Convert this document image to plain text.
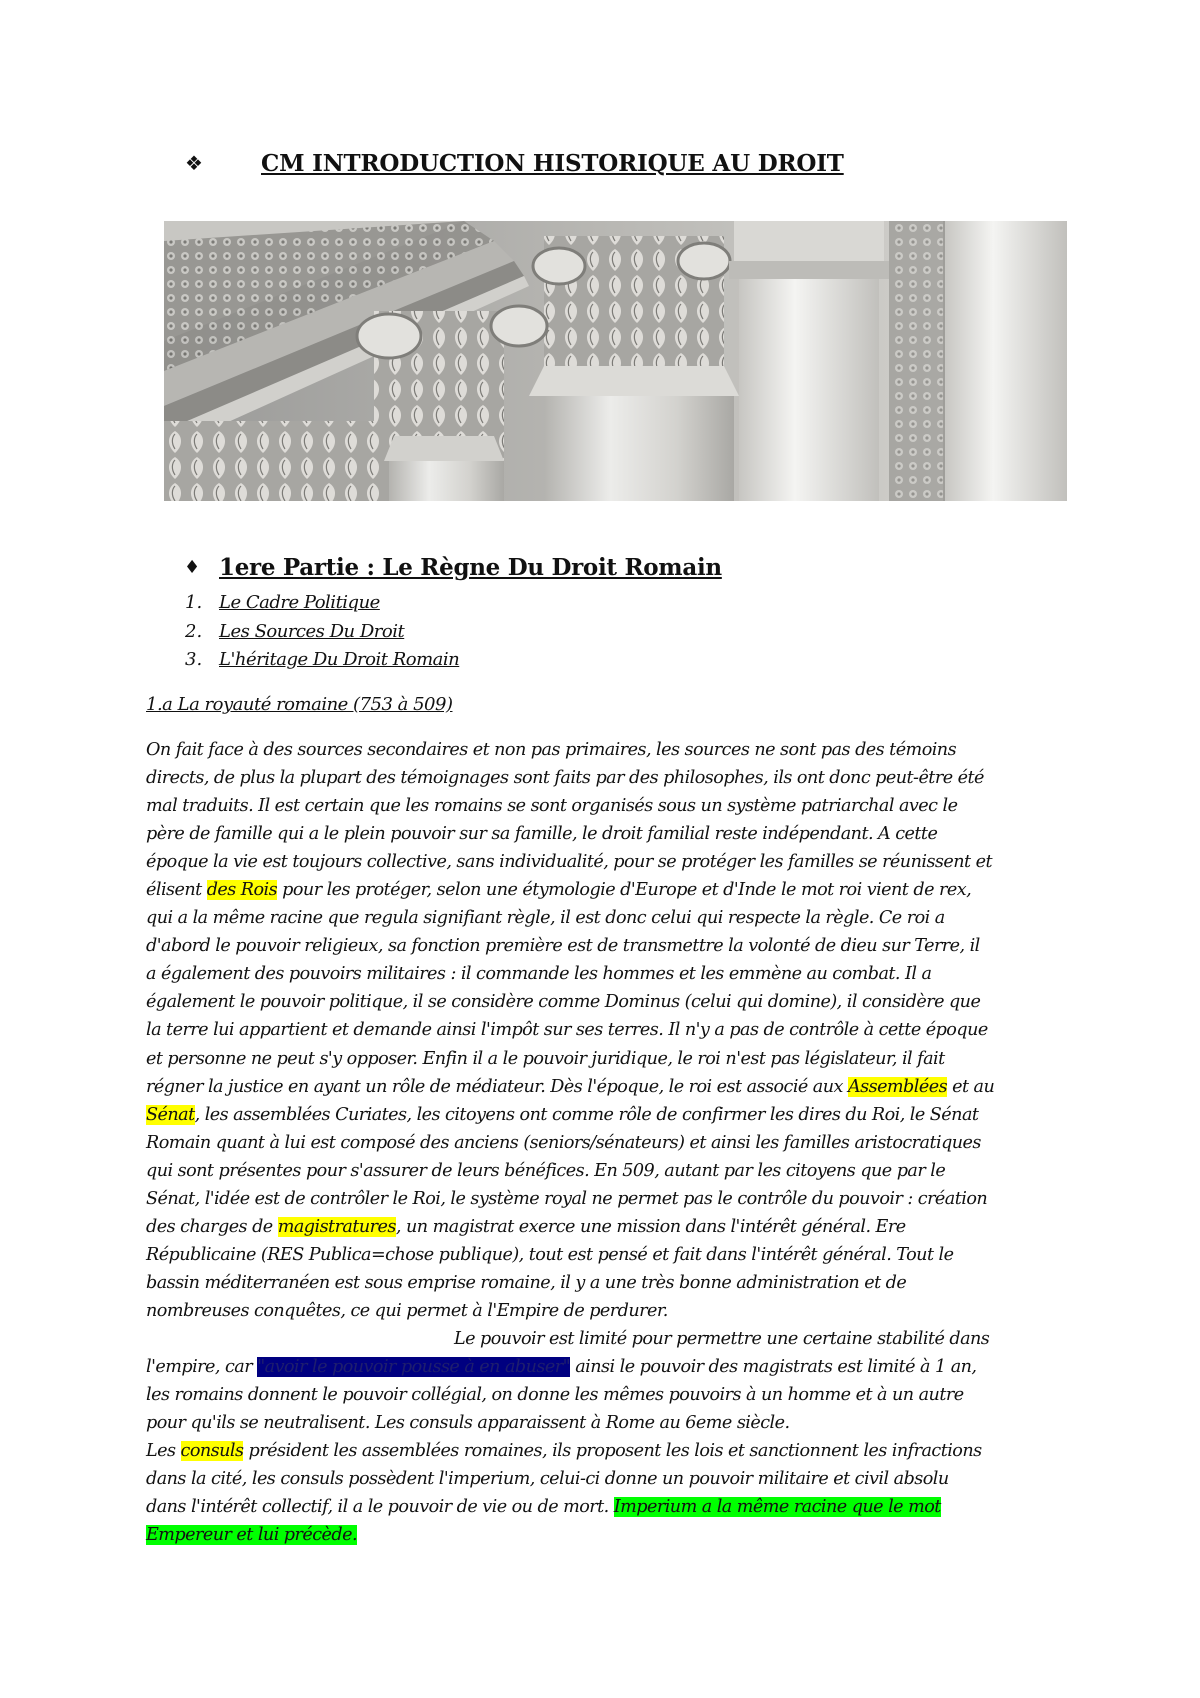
❖	CM INTRODUCTION HISTORIQUE AU DROIT
♦ 1ere Partie : Le Règne Du Droit Romain
1. Le Cadre Politique
2. Les Sources Du Droit
3. L'héritage Du Droit Romain
1.a La royauté romaine (753 à 509)
On fait face à des sources secondaires et non pas primaires, les sources ne sont pas des témoins
directs, de plus la plupart des témoignages sont faits par des philosophes, ils ont donc peut-être été
mal traduits. Il est certain que les romains se sont organisés sous un système patriarchal avec le
père de famille qui a le plein pouvoir sur sa famille, le droit familial reste indépendant. A cette
époque la vie est toujours collective, sans individualité, pour se protéger les familles se réunissent et
élisent des Rois pour les protéger, selon une étymologie d'Europe et d'Inde le mot roi vient de rex,
qui a la même racine que regula signifiant règle, il est donc celui qui respecte la règle. Ce roi a
d'abord le pouvoir religieux, sa fonction première est de transmettre la volonté de dieu sur Terre, il
a également des pouvoirs militaires : il commande les hommes et les emmène au combat. Il a
également le pouvoir politique, il se considère comme Dominus (celui qui domine), il considère que
la terre lui appartient et demande ainsi l'impôt sur ses terres. Il n'y a pas de contrôle à cette époque
et personne ne peut s'y opposer. Enfin il a le pouvoir juridique, le roi n'est pas législateur, il fait
régner la justice en ayant un rôle de médiateur. Dès l'époque, le roi est associé aux Assemblées et au
Sénat, les assemblées Curiates, les citoyens ont comme rôle de confirmer les dires du Roi, le Sénat
Romain quant à lui est composé des anciens (seniors/sénateurs) et ainsi les familles aristocratiques
qui sont présentes pour s'assurer de leurs bénéfices. En 509, autant par les citoyens que par le
Sénat, l'idée est de contrôler le Roi, le système royal ne permet pas le contrôle du pouvoir : création
des charges de magistratures, un magistrat exerce une mission dans l'intérêt général. Ere
Républicaine (RES Publica=chose publique), tout est pensé et fait dans l'intérêt général. Tout le
bassin méditerranéen est sous emprise romaine, il y a une très bonne administration et de
nombreuses conquêtes, ce qui permet à l'Empire de perdurer.
Le pouvoir est limité pour permettre une certaine stabilité dans
l'empire, car "avoir le pouvoir pousse à en abuser" ainsi le pouvoir des magistrats est limité à 1 an,
les romains donnent le pouvoir collégial, on donne les mêmes pouvoirs à un homme et à un autre
pour qu'ils se neutralisent. Les consuls apparaissent à Rome au 6eme siècle.
Les consuls président les assemblées romaines, ils proposent les lois et sanctionnent les infractions
dans la cité, les consuls possèdent l'imperium, celui-ci donne un pouvoir militaire et civil absolu
dans l'intérêt collectif, il a le pouvoir de vie ou de mort. Imperium a la même racine que le mot
Empereur et lui précède.
